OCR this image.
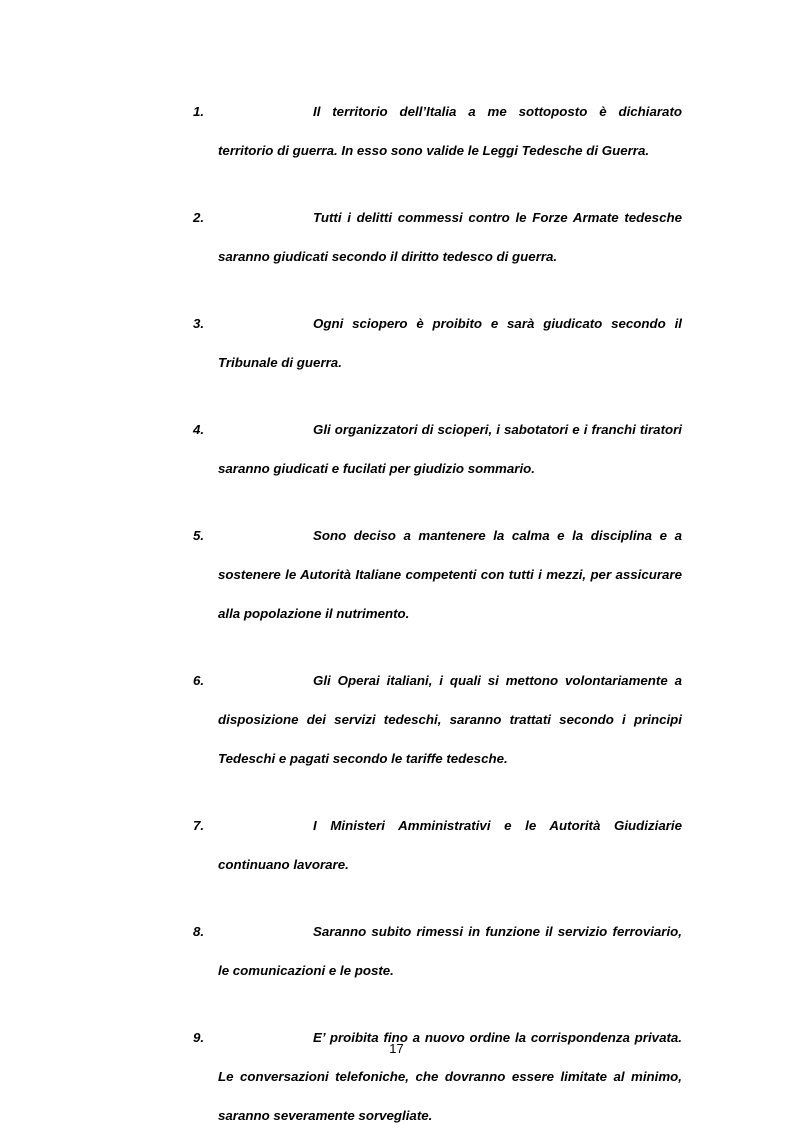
1.	Il territorio dell’Italia a me sottoposto è dichiarato territorio di guerra. In esso sono valide le Leggi Tedesche di Guerra.
2.	Tutti i delitti commessi contro le Forze Armate tedesche saranno giudicati secondo il diritto tedesco di guerra.
3.	Ogni sciopero è proibito e sarà giudicato secondo il Tribunale di guerra.
4.	Gli organizzatori di scioperi, i sabotatori e i franchi tiratori saranno giudicati e fucilati per giudizio sommario.
5.	Sono deciso a mantenere la calma e la disciplina e a sostenere le Autorità Italiane competenti con tutti i mezzi, per assicurare alla popolazione il nutrimento.
6.	Gli Operai italiani, i quali si mettono volontariamente a disposizione dei servizi tedeschi, saranno trattati secondo i principi Tedeschi e pagati secondo le tariffe tedesche.
7.	I Ministeri Amministrativi e le Autorità Giudiziarie continuano lavorare.
8.	Saranno subito rimessi in funzione il servizio ferroviario, le comunicazioni e le poste.
9.	E’ proibita fino a nuovo ordine la corrispondenza privata. Le conversazioni telefoniche, che dovranno essere limitate al minimo, saranno severamente sorvegliate.
17
